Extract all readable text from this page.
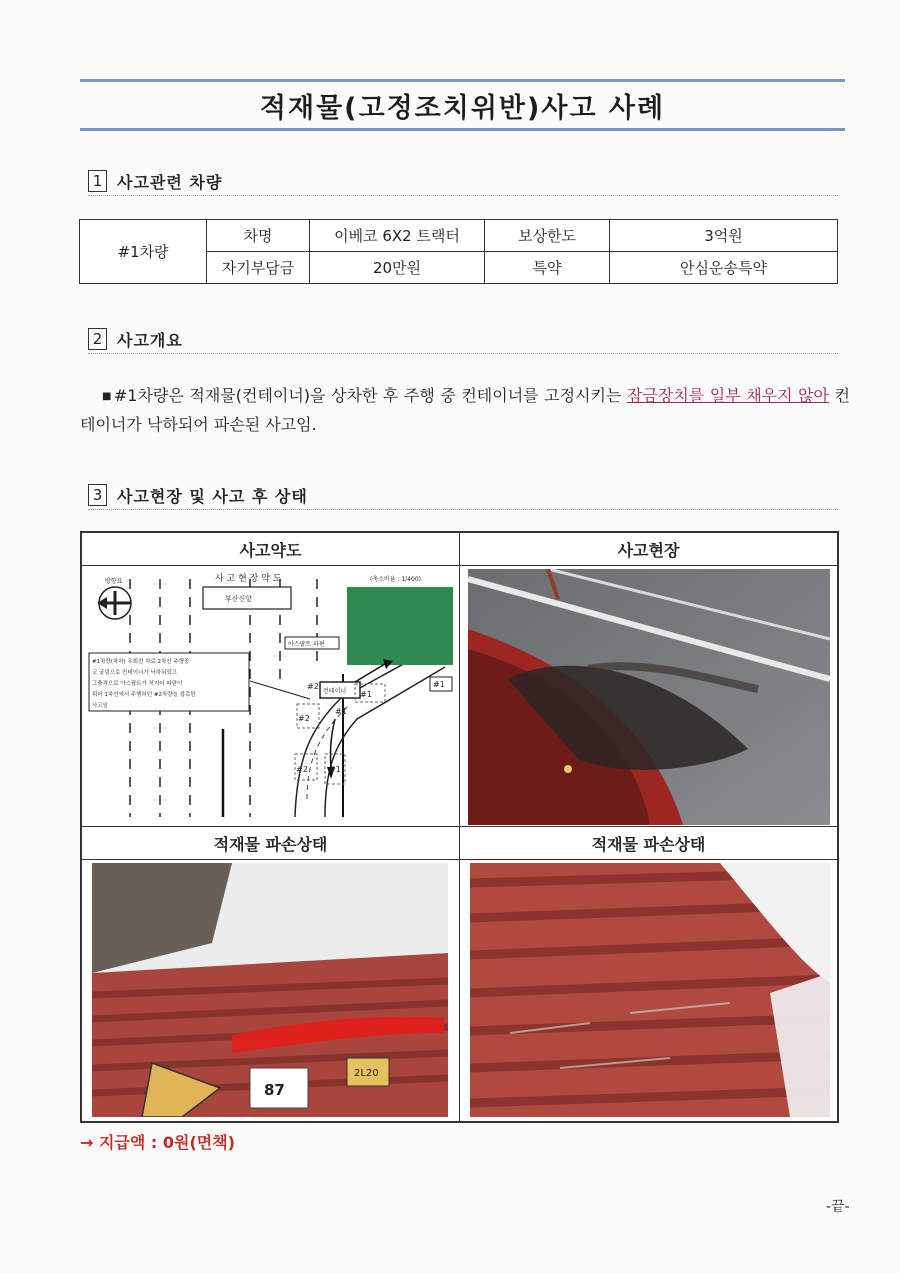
적재물(고정조치위반)사고 사례
1 사고관련 차량
#1차량	차명	이베코 6X2 트랙터	보상한도	3억원
	자기부담금	20만원	특약	안심운송특약
2 사고개요
■ #1차량은 적재물(컨테이너)을 상차한 후 주행 중 컨테이너를 고정시키는 잠금장치를 일부 채우지 않아 컨테이너가 낙하되어 파손된 사고임.
3 사고현장 및 사고 후 상태
사고약도
사 고 현 장 약 도	(축소비율 : 1/400)
방향표
부산신항
아스팔트 파편
컨테이너
#1차량(차차) 우회전 차로 2차선 주행중
코 굴림으로 컨테이너가 낙하되었고
그충격으로 아스팔트가 처지어 파편이
튀어 1차선에서 주행하던 #2차량을 접촉한
사고임
#1
#2
#2	#1
#2	#1
#1
사고현장
적재물 파손상태
2L20
87
적재물 파손상태
→ 지급액 : 0원(면책)
-끝-
